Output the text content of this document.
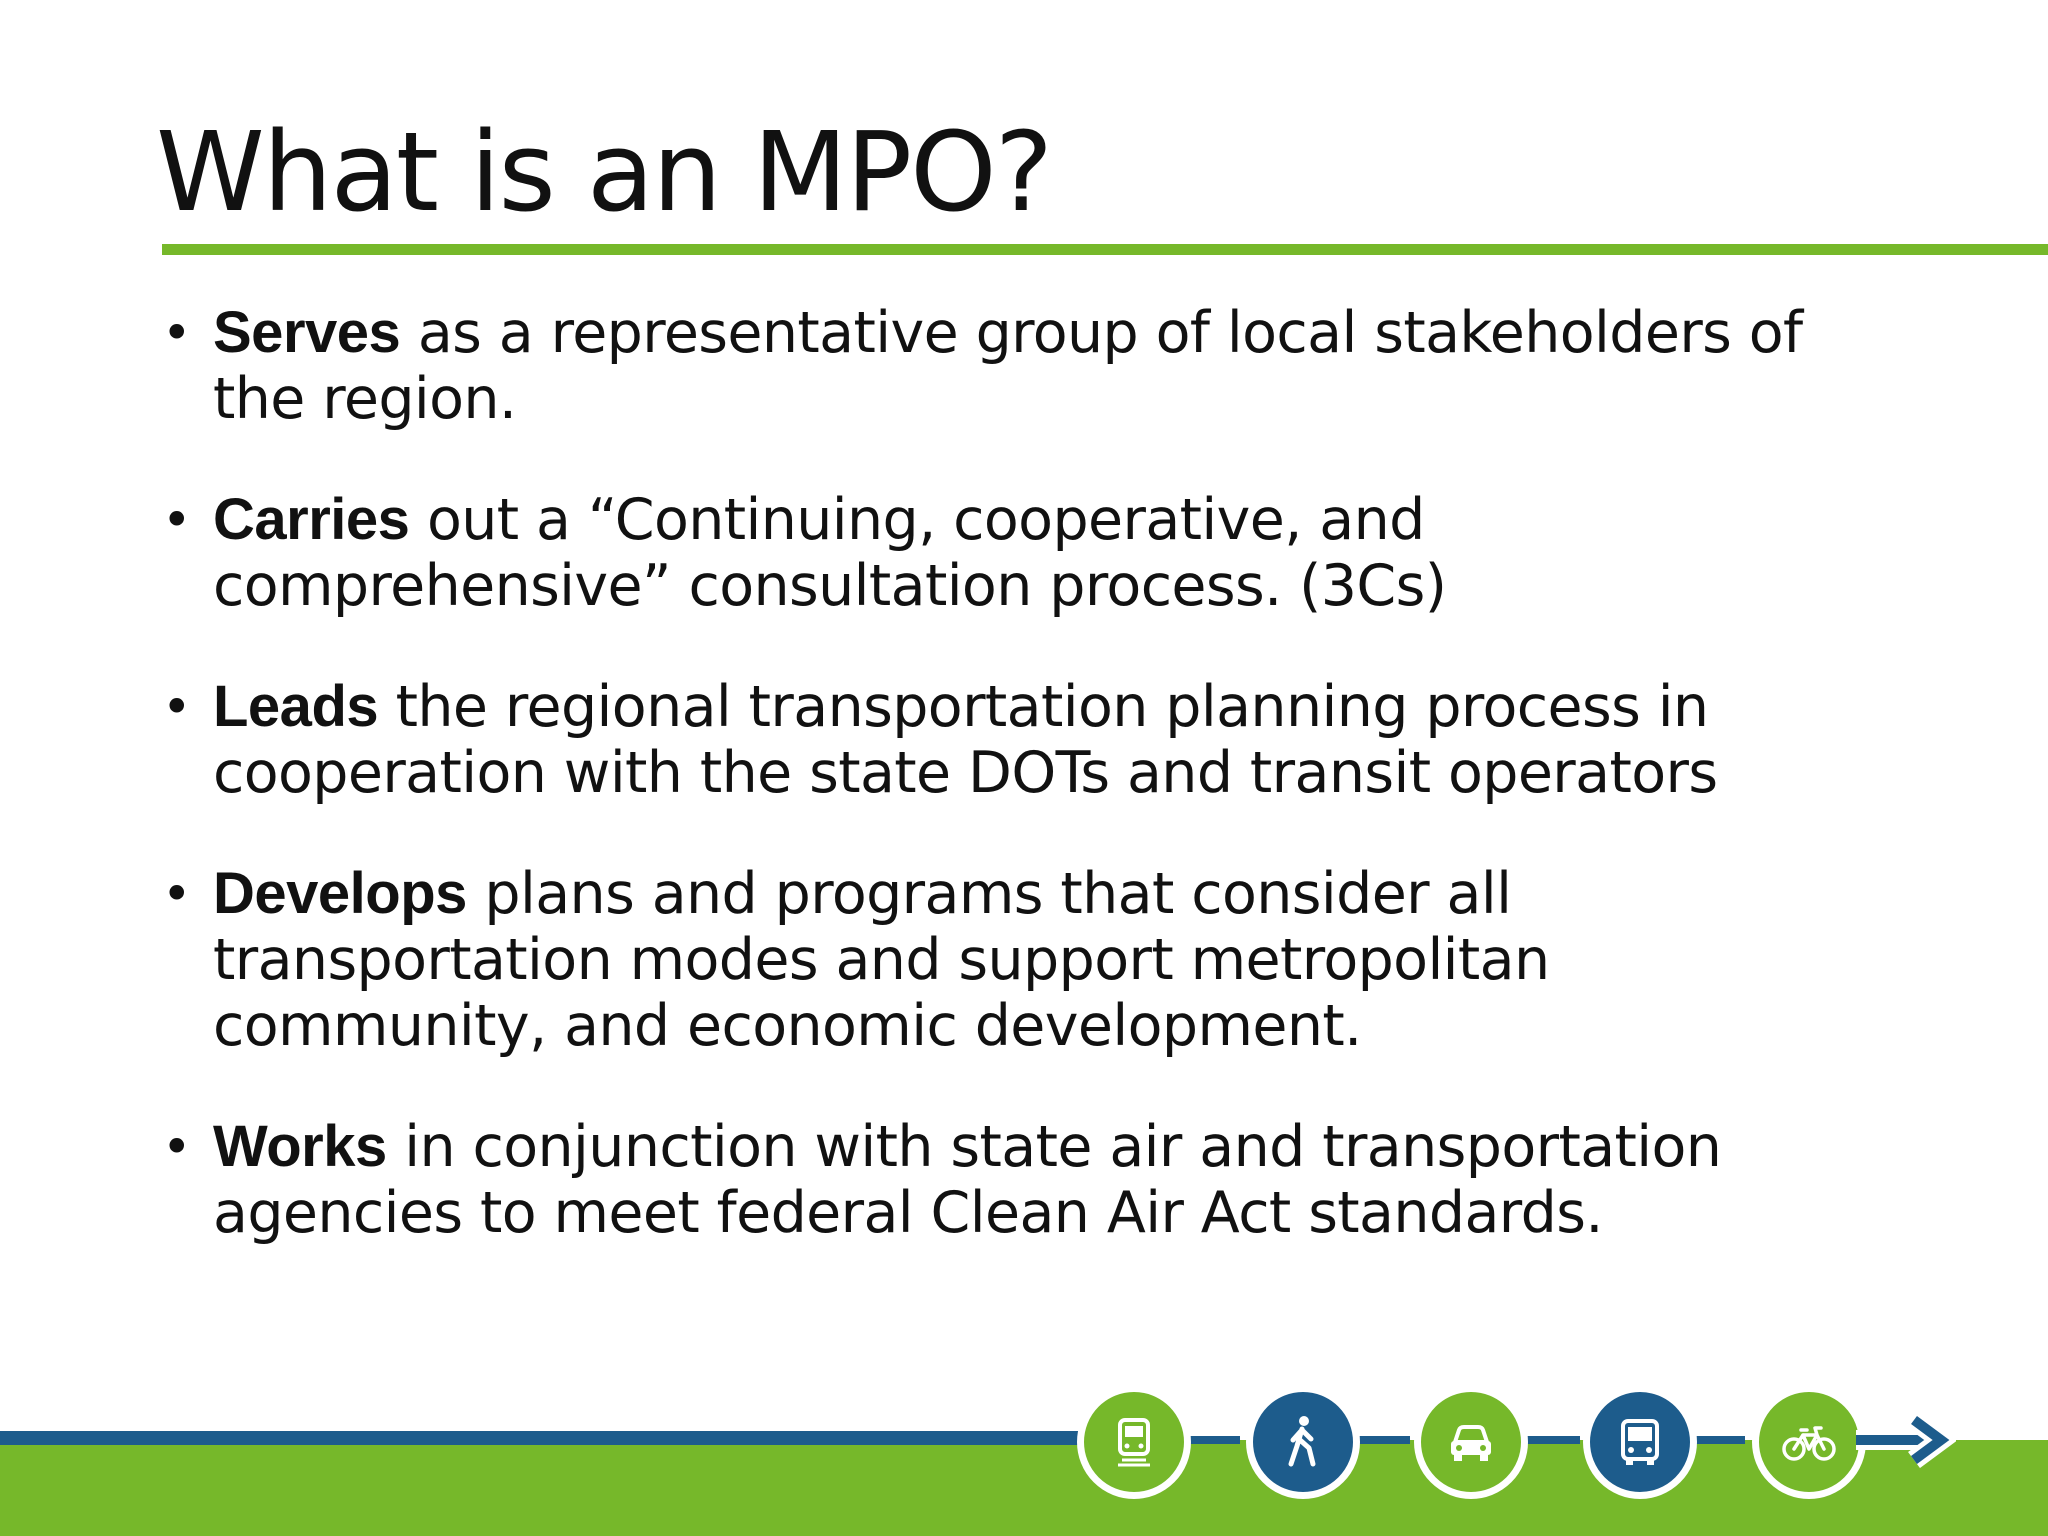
What is an MPO?
• Serves as a representative group of local stakeholders of the region.
• Carries out a “Continuing, cooperative, and comprehensive” consultation process. (3Cs)
• Leads the regional transportation planning process in cooperation with the state DOTs and transit operators
• Develops plans and programs that consider all transportation modes and support metropolitan community, and economic development.
• Works in conjunction with state air and transportation agencies to meet federal Clean Air Act standards.
